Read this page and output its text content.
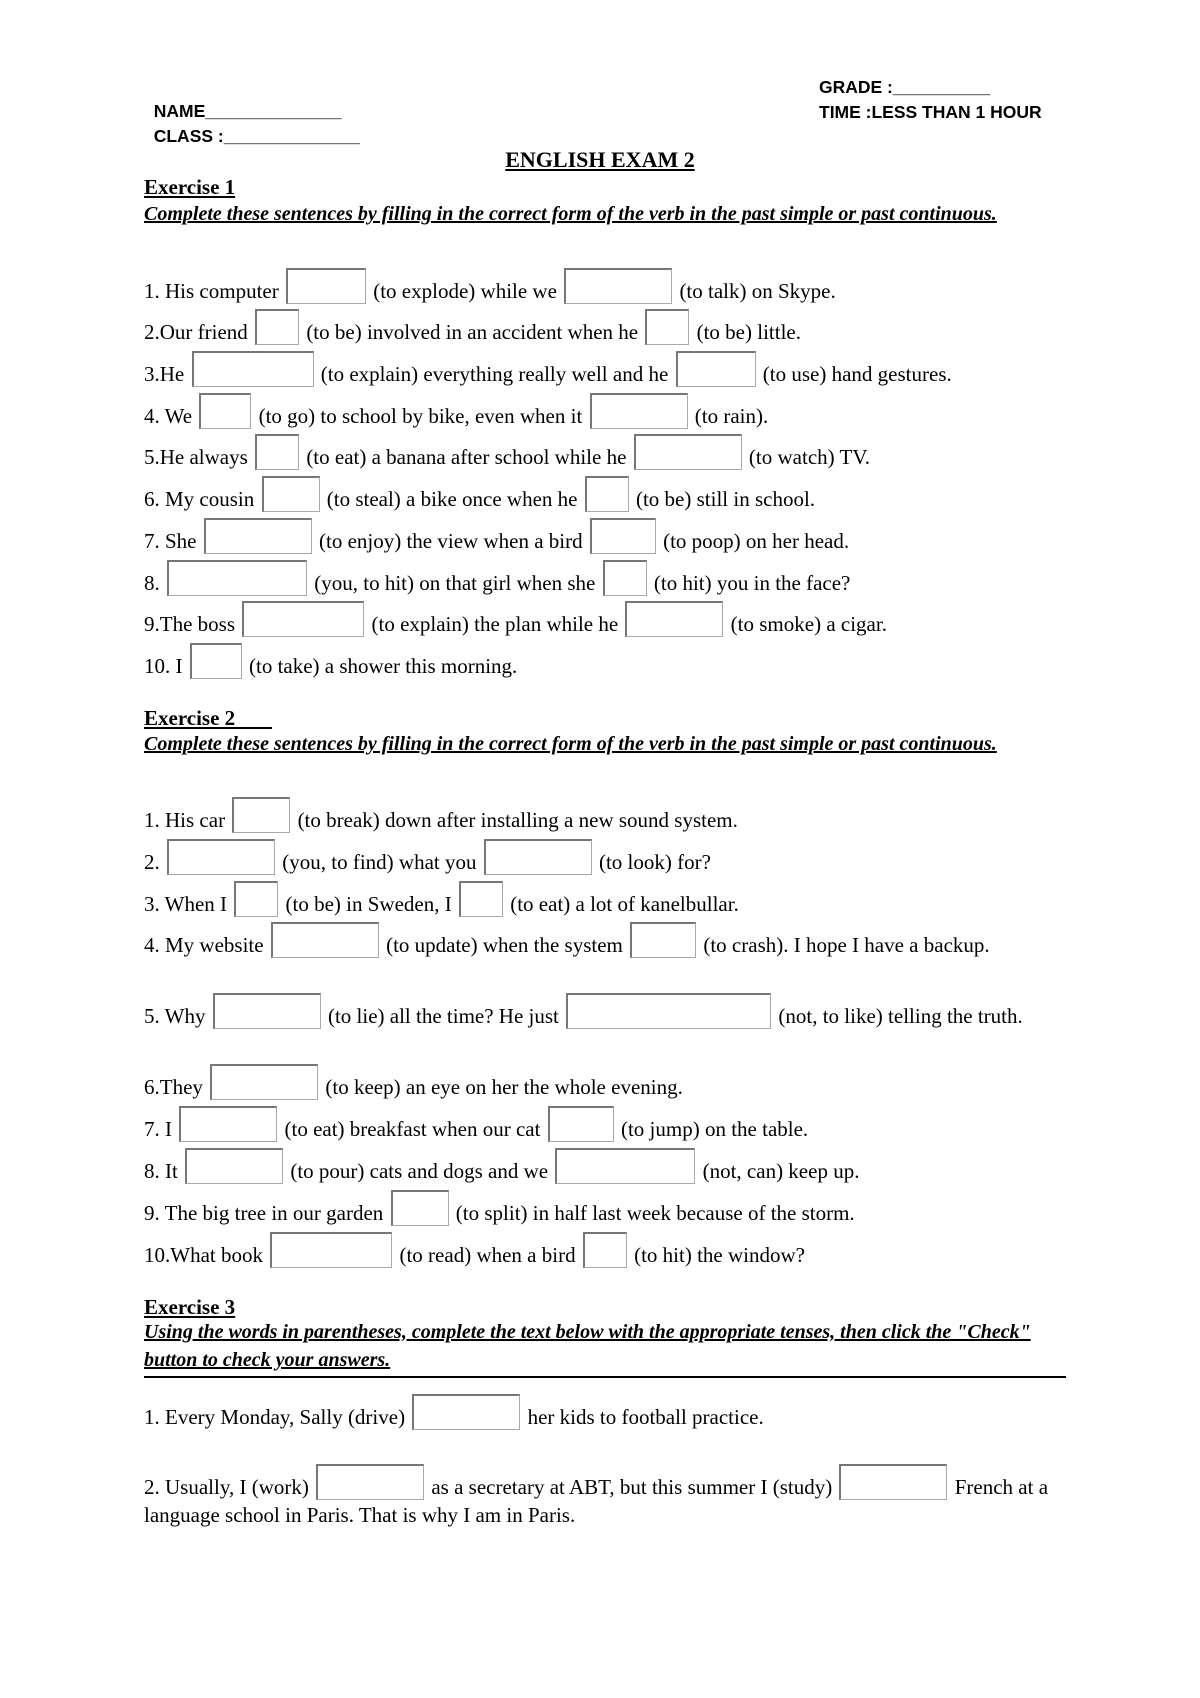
NAME______________

GRADE :__________

CLASS :______________

TIME :LESS THAN 1 HOUR

ENGLISH EXAM 2
Exercise 1
Complete these sentences by filling in the correct form of the verb in the past simple or past continuous.
1. His computer	(to explode) while we	(to talk) on Skype.
2.Our friend	(to be) involved in an accident when he	(to be) little.
3.He	(to explain) everything really well and he	(to use) hand gestures.
4. We	(to go) to school by bike, even when it	(to rain).
5.He always	(to eat) a banana after school while he	(to watch) TV.
6. My cousin	(to steal) a bike once when he	(to be) still in school.
7. She	(to enjoy) the view when a bird	(to poop) on her head.
8.	(you, to hit) on that girl when she	(to hit) you in the face?
9.The boss	(to explain) the plan while he	(to smoke) a cigar.
10. I	(to take) a shower this morning.
Exercise 2
Complete these sentences by filling in the correct form of the verb in the past simple or past continuous.
1. His car	(to break) down after installing a new sound system.
2.	(you, to find) what you	(to look) for?
3. When I	(to be) in Sweden, I	(to eat) a lot of kanelbullar.
4. My website	(to update) when the system	(to crash). I hope I have a backup.
5. Why	(to lie) all the time? He just	(not, to like) telling the truth.
6.They	(to keep) an eye on her the whole evening.
7. I	(to eat) breakfast when our cat	(to jump) on the table.
8. It	(to pour) cats and dogs and we	(not, can) keep up.
9. The big tree in our garden	(to split) in half last week because of the storm.
10.What book	(to read) when a bird	(to hit) the window?
Exercise 3
Using the words in parentheses, complete the text below with the appropriate tenses, then click the "Check" button to check your answers.
1. Every Monday, Sally (drive)	her kids to football practice.
2. Usually, I (work)	as a secretary at ABT, but this summer I (study)	French at a language school in Paris. That is why I am in Paris.
